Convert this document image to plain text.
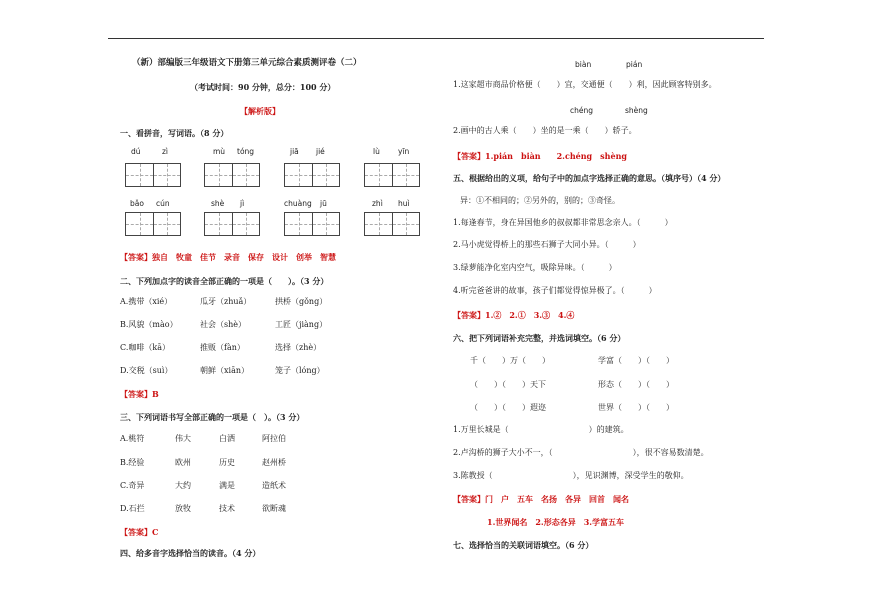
（新）部编版三年级语文下册第三单元综合素质测评卷（二）
（考试时间：90 分钟，总分：100 分）
【解析版】
一、看拼音，写词语。（8 分）
dú	zì	mù tóng	jiā jié	lù yīn
bǎo cún	shè jì	chuàng jū	zhì huì
【答案】独自　牧童　佳节　录音　保存　设计　创举　智慧
二、下列加点字的读音全部正确的一项是（　　）。（3 分）
A.携带（xié）	瓜牙（zhuǎ）	拱桥（gǒng）
B.风貌（mào）	社会（shè）	工匠（jiàng）
C.咖啡（kā）	推贩（fàn）	选择（zhè）
D.交税（suì）	朝鲜（xiān）	笼子（lóng）
【答案】B
三、下列词语书写全部正确的一项是（　）。（3 分）
A.桃符	伟大	白洒	阿拉伯
B.经验	欧州	历史	赵州桥
C.奇异	大约	满是	造纸术
D.石拦	放牧	技术	欲断魂
【答案】C
四、给多音字选择恰当的读音。（4 分）
biàn	pián
1.这家超市商品价格便（　　）宜，交通便（　　）利，因此顾客特别多。
chéng	shèng
2.画中的古人乘（　　）坐的是一乘（　　）轿子。
【答案】1.pián　biàn　　2.chéng　shèng
五、根据给出的义项，给句子中的加点字选择正确的意思。（填序号）（4 分）
异：①不相同的；②另外的，别的；③奇怪。
1.每逢春节，身在异国他乡的叔叔都非常思念亲人。（　　　）
2.马小虎觉得桥上的那些石狮子大同小异。（　　　）
3.绿萝能净化室内空气，吸除异味。（　　　）
4.听完爸爸讲的故事，孩子们都觉得惊异极了。（　　　）
【答案】1.②　2.①　3.③　4.④
六、把下列词语补充完整，并选词填空。（6 分）
千（　　）万（　　）	学富（　　）（　　）
（　　）（　　）天下	形态（　　）（　　）
（　　）（　　）遐迩	世界（　　）（　　）
1.万里长城是（　　　　　　　　　　）的建筑。
2.卢沟桥的狮子大小不一，（　　　　　　　　　　），很不容易数清楚。
3.陈教授（　　　　　　　　　　），见识渊博，深受学生的敬仰。
【答案】门　户　五车　名扬　各异　回首　闻名
1.世界闻名　2.形态各异　3.学富五车
七、选择恰当的关联词语填空。（6 分）
